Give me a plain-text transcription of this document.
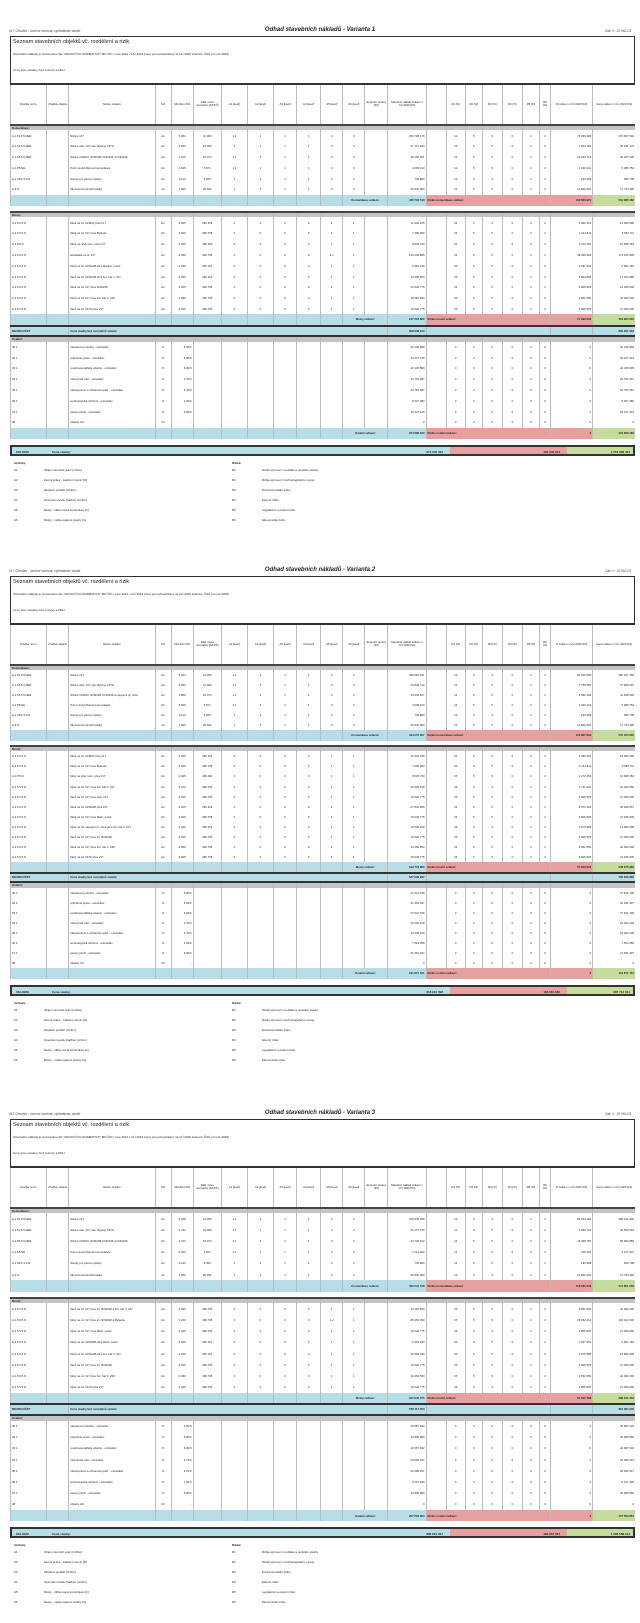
I/17 Chrudim - úsvemí obchvat, vyhledávací studie	Odhad stavebních nákladů - Varianta 1	Zak. č.: 20 062-03
Seznam stavebních objektů vč. rozdělení a rizik
Orientační náklady je zpracováno dle "CENOVÝCH NORMATIVŮ" MD ČR v roce 2021 v CÚ 2019 (ceny jsou přepočítány na CÚ 2020 indexem ČSÚ pro rok 2020)
Ceny jsou uvedeny bez rezervy a DPH
Značka norm.	Značka objektu	Název objektu	MJ	Množství MJ	Zákl. cena normativu [Kč/KČ]	A1 [koef]	A2 [koef]	A3 [koef]	A4 [koef]	A5 [koef]	A6 [koef]	Expertní úpravy [Kč]	Stavební náklad celkem v CÚ 2020 [Kč]		R1 [%]	R2 [%]	R3 [%]	R4 [%]	R5 [%]	R6 [%]	R celkem v CÚ 2020 [Kč]	Cena celkem v CÚ 2020 [Kč]
Komunikace:																						
A.1.51.3.5.NER		Silnice I/17	km	5,061	41 480	1,2	1	1	1	0	0		250 728 176		12	5	5	0	2	2	76 369 326	370 097 502
A.1.51.5.5.NER		Silnice stáv. I/17 nap. Bylany, I/37H	km	0,654	41 480	1	1	1	1	0	0		27 127 920		12	5	5	0	2	2	7 053 259	34 181 179
A.1.53.6.5.NER		Silnice III/3403; III/32238; III/32236 a III/32239	km	2,215	16 074	1,1	1	1	1	0	0		39 164 301		12	5	5	0	2	2	10 182 718	49 347 020
A.1.P5.NE		Polní cesty/Účelové komunikace	km	0,635	5 871	1,1	1	1	1	0	0		4 036 313		12	5	5	0	2	2	1 049 441	5 085 754
A.1.SPC.3.0.N		Stezky pro pěší a cyklisty	km	0,113	6 600	1	1	1	1	0	0		745 800		12	5	5	0	2	2	193 908	939 708
A.4.N		Mimoúrovňová křižovatka	ks	1,000	56 932	1	1	1	1	0	0		56 932 000		12	5	5	0	2	2	14 802 320	71 734 320
											Komunikace celkem:		425 734 510	Riziko komunikace celkem:							109 650 972	531 385 482

Mosty:																						
A.2.5.6.5.N		Most na sil. III/3403 přes I/17	km	0,045	265 161	0	0	0	0	1	1		11 932 245		15	5	5	0	2	2	3 460 351	15 392 596
A.2.5.5.5.N		Most na sil. I/17 přes Bylanku	km	0,020	369 795	0	0	0	0	1	1		7 395 900		15	5	5	0	2	2	2 144 811	9 540 711
A.2.P.5.N		Most na účel. kom. přes I/17	km	0,045	189 460	0	0	0	0	1	1		8 525 700		15	5	5	0	2	2	2 472 453	10 998 153
A.2.5.5.5.N		Estakáda na sil. I/17	km	0,330	369 795	0	0	0	0	1,1	1		134 235 585		15	5	5	0	2	2	38 928 320	173 163 905
A.2.5.6.5.N		Most na sil. III/32238 přes Markov. potok	km	0,020	265 161	0	0	0	0	1	1		5 303 220		15	5	5	0	2	2	1 537 934	6 841 154
A.2.5.6.5.N		Most na sil. III/32238 přes žel. trať č. 017	km	0,050	265 161	0	0	0	0	1	1		13 258 050		15	5	5	0	2	2	3 844 835	17 102 885
A.2.5.5.5.N		Most na sil. I/17 přes III/32236	km	0,045	369 795	0	0	0	0	1	1		16 640 775		15	5	5	0	2	2	4 825 825	21 466 600
A.2.5.5.5.N		Most na sil. I/17 přes žel. trať č. 238	km	0,090	369 795	0	0	0	0	1	1		33 281 550		15	5	5	0	2	2	9 651 650	42 933 200
A.2.5.5.5.N		Most na sil. I/37H přes I/17	km	0,045	369 795	0	0	0	0	1	1		16 640 775		15	5	5	0	2	2	4 825 825	21 466 600
											Mosty celkem:		247 213 800	Riziko mostů celkem:							71 692 003	318 905 803
MEZISOUČET		Cena stavby bez normativů ostatní											668 948 310									850 291 284
Ostatní:																						
00.1		všeobecné položky - extravilán	%	6,00%									40 136 899		0	0	0	0	0	0	0	40 136 899
02.1		přípravné práce - extravilán	%	5,00%									33 447 415		0	0	0	0	0	0	0	33 447 415
03.1		vodohospodářské objekty - extravilán	%	6,00%									40 136 899		0	0	0	0	0	0	0	40 136 899
04.1		inženýrské sítě - extravilán	%	3,70%									24 751 087		0	0	0	0	0	0	0	24 751 087
05.1		zabezpečení a ochranná opatř. - extravilán	%	3,70%									24 751 087		0	0	0	0	0	0	0	24 751 087
06.1		technologická zařízení - extravilán	%	1,20%									8 027 380		0	0	0	0	0	0	0	8 027 380
07.1		úpravy ploch - extravilán	%	5,00%									33 447 415		0	0	0	0	0	0	0	33 447 415
08		objekty cizí	Kč	-									0		0	0	0	0	0	0	0	0
											Ostatní celkem:		204 698 183	Riziko ostatní celkem:							0	204 698 183
CELKEM	Cena stavby:	873 646 492	181 342 974	1 054 989 467
Atributy:
A1	Objem zemních prací [m³/km]
A2	Zemní práce - založení zemin [%]
A3	Zlepšení podloží [m³/km]
A4	Opevnění svahu zlaďbou [m²/km]
A5	Mosty - šířka nosné konstrukce [m]
A6	Mosty - výška opatení stavby [m]
Rizika:
R1	Riziko plynoucí z počátku a umístění stavby
R2	Riziko plynoucí z technologického vývoje
R3	Environmentální riziko
R4	Externí riziko
R5	Legislativní a právní riziko
R6	Ekonomické riziko
I/17 Chrudim - úsvemí obchvat, vyhledávací studie	Odhad stavebních nákladů - Varianta 2	Zak. č.: 20 062-03
Seznam stavebních objektů vč. rozdělení a rizik
Orientační náklady je zpracováno dle "CENOVÝCH NORMATIVŮ" MD ČR v roce 2021 v CÚ 2019 (ceny jsou přepočítány na CÚ 2020 indexem ČSÚ pro rok 2020)
Ceny jsou uvedeny bez rezervy a DPH
Značka norm.	Značka objektu	Název objektu	MJ	Množství MJ	Zákl. cena normativu [Kč/KČ]	A1 [koef]	A2 [koef]	A3 [koef]	A4 [koef]	A5 [koef]	A6 [koef]	Expertní úpravy [Kč]	Stavební náklad celkem v CÚ 2020 [Kč]		R1 [%]	R2 [%]	R3 [%]	R4 [%]	R5 [%]	R6 [%]	R celkem v CÚ 2020 [Kč]	Cena celkem v CÚ 2020 [Kč]
Komunikace:																						
A.1.51.3.5.NER		Silnice I/17	km	6,221	41 480	1,2	1	1	1	0	0		309 650 491		12	5	5	0	2	2	80 510 689	390 167 185
A.1.51.5.5.NER		Silnice stáv. I/17 nap. Bylany, I/37H	km	0,654	41 480	1,1	1	1	1	0	0		29 840 712		12	5	5	0	2	2	7 758 585	37 599 297
A.1.53.6.5.NER		Silnice III/3403; III/32238, III/32239 a napojení př. obřa	km	1,869	16 074	1,1	1	1	1	0	0		33 040 527		12	5	5	0	2	2	8 592 100	41 628 636
A.1.P5.NE		Polní cesty/Účelové komunikace	km	0,635	5 871	1,1	1	1	1	0	0		4 036 313		12	5	5	0	2	2	1 049 441	5 085 754
A.1.SPC.3.0.N		Stezky pro pěší a cyklisty	km	0,113	6 600	1	1	1	1	0	0		745 800		12	5	5	0	2	2	193 908	939 708
A.4.N		Mimoúrovňová křižovatka	ks	1,000	56 932	1	1	1	1	0	0		56 932 000		12	5	5	0	2	2	14 802 320	71 734 320
											Komunikace celkem:		434 257 057	Riziko komunikace celkem:							112 907 843	547 164 900

Mosty:																						
A.2.5.6.5.N		Most na sil. III/3403 přes I/17	km	0,045	265 161	0	0	0	0	1	1		11 932 245		15	5	5	0	2	2	3 460 351	15 392 596
A.2.5.5.5.N		Most na sil. I/17 přes Bylanku	km	0,020	369 795	0	0	0	0	1	1		7 395 900		15	5	5	0	2	2	2 144 811	9 540 711
A.2.P.5.N		Most na účel. kom. přes I/17	km	0,045	189 460	0	0	0	0	1	1		8 525 700		15	5	5	0	2	2	2 472 453	10 998 153
A.2.5.5.5.N		Most na sil. I/17 přes žel. trať č. 017	km	0,072	369 795	0	0	0	0	1	1		26 625 240		15	5	5	0	2	2	7 721 320	34 346 560
A.2.5.5.5.N		Most na sil. I/17 přes stáv. I/17	km	0,045	369 795	0	0	0	0	1	1		16 640 775		15	5	5	0	2	2	4 825 825	21 466 600
A.2.5.6.5.N		Most na sil. III/32238 přes I/17	km	0,105	265 161	0	0	0	0	1	1		27 841 905		15	5	5	0	2	2	8 074 152	35 916 057
A.2.5.5.5.N		Most na sil. I/17 přes Mark. potok	km	0,045	369 795	0	0	0	0	1	1		16 640 775		15	5	5	0	2	2	4 825 825	21 466 600
A.2.5.6.5.N		Most na sil. napojení pr. obra přes žel. trať č. 017	km	0,040	265 161	0	0	0	0	1	1		10 606 440		15	5	5	0	2	2	3 075 868	13 682 308
A.2.5.5.5.N		Most na sil. I/17 přes sil. III/32236	km	0,045	369 795	0	0	0	0	1	1		16 640 775		15	5	5	0	2	2	4 825 825	21 466 600
A.2.5.5.5.N		Most na sil. I/17 přes žel. trať č. 238	km	0,090	369 795	0	0	0	0	1	1		33 281 550		15	5	5	0	2	2	9 651 650	42 933 200
A.2.5.5.5.N		Most na sil. I/37H přes I/17	km	0,045	369 795	0	0	0	0	1	1		16 640 775		15	5	5	0	2	2	4 825 825	21 466 600
											Mosty celkem:		192 772 080	Riziko mostů celkem:							55 903 903	248 675 983
MEZISOUČET		Cena stavby bez normativů ostatní											627 029 937									795 840 883
Ostatní:																						
00.1		všeobecné položky - extravilán	%	6,00%									37 621 796		0	0	0	0	0	0	0	37 621 796
02.1		přípravné práce - extravilán	%	5,00%									31 351 497		0	0	0	0	0	0	0	31 351 497
03.1		vodohospodářské objekty - extravilán	%	6,00%									37 621 796		0	0	0	0	0	0	0	37 621 796
04.1		inženýrské sítě - extravilán	%	3,70%									23 200 109		0	0	0	0	0	0	0	23 200 109
05.1		zabezpečení a ochranná opatř. - extravilán	%	3,70%									23 200 109		0	0	0	0	0	0	0	23 200 109
06.1		technologická zařízení - extravilán	%	1,20%									7 524 359		0	0	0	0	0	0	0	7 524 359
07.1		úpravy ploch - extravilán	%	5,00%									31 351 497		0	0	0	0	0	0	0	31 351 497
08		objekty cizí	Kč	-									0		0	0	0	0	0	0	0	0
											Ostatní celkem:		191 871 161	Riziko ostatní celkem:							0	191 871 161
CELKEM	Cena stavby:	818 901 098	168 810 946	987 712 044
Atributy:
A1	Objem zemních prací [m³/km]
A2	Zemní práce - založení zemin [%]
A3	Zlepšení podloží [m³/km]
A4	Opevnění svahu zlaďbou [m²/km]
A5	Mosty - šířka nosné konstrukce [m]
A6	Mosty - výška opatení stavby [m]
Rizika:
R1	Riziko plynoucí z počátku a umístění stavby
R2	Riziko plynoucí z technologického vývoje
R3	Environmentální riziko
R4	Externí riziko
R5	Legislativní a právní riziko
R6	Ekonomické riziko
I/17 Chrudim - úsvemí obchvat, vyhledávací studie	Odhad stavebních nákladů - Varianta 3	Zak. č.: 20 062-03
Seznam stavebních objektů vč. rozdělení a rizik
Orientační náklady je zpracováno dle "CENOVÝCH NORMATIVŮ" MD ČR v roce 2021 v CÚ 2019 (ceny jsou přepočítány na CÚ 2020 indexem ČSÚ pro rok 2020)
Ceny jsou uvedeny bez rezervy a DPH
Značka norm.	Značka objektu	Název objektu	MJ	Množství MJ	Zákl. cena normativu [Kč/KČ]	A1 [koef]	A2 [koef]	A3 [koef]	A4 [koef]	A5 [koef]	A6 [koef]	Expertní úpravy [Kč]	Stavební náklad celkem v CÚ 2020 [Kč]		R1 [%]	R2 [%]	R3 [%]	R4 [%]	R5 [%]	R6 [%]	R celkem v CÚ 2020 [Kč]	Cena celkem v CÚ 2020 [Kč]
Komunikace:																						
A.1.51.3.5.NER		Silnice I/17	km	6,348	41 480	1,2	1	1	1	0	0		315 978 048		12	5	5	0	2	2	82 154 292	398 132 340
A.1.51.5.5.NER		Silnice stáv. I/17 nap. Bylany, I/37H	km	0,792	41 480	1,1	1	1	1	0	0		36 137 376		12	5	5	0	2	2	9 395 718	45 533 094
A.1.53.6.5.NER		Silnice III/3403; III/32238; III/32236 a III/32239	km	2,473	16 074	1,1	1	1	1	0	0		43 726 102		12	5	5	0	2	2	11 368 787	55 094 889
A.1.P5.NE		Polní cesty/Účelové komunikace	km	0,420	5 871	1,1	1	1	1	0	0		2 712 402		12	5	5	0	2	2	705 225	3 417 627
A.1.SPC.3.0.N		Stezky pro pěší a cyklisty	km	0,113	6 600	1	1	1	1	0	0		745 800		12	5	5	0	2	2	193 908	939 708
A.4.N		Mimoúrovňová křižovatka	ks	1,000	56 932	1	1	1	1	0	0		56 932 000		12	5	5	0	2	2	14 802 320	71 734 320
											Komunikace celkem:		456 231 728	Riziko komunikace celkem:							118 620 249	574 851 978

Mosty:																						
A.2.5.5.5.N		Most na sil. I/17 přes sil. III/32240 a žel. trať č. 017	km	0,090	369 795	0	0	0	0	1	1		33 281 550		15	5	5	0	2	2	9 651 650	42 933 200
A.2.5.5.5.N		Most na sil. I/17 přes sil. III/33202 a Bylanku	km	0,220	369 795	0	0	0	0	1,2	1		89 450 390		15	5	5	0	2	2	25 952 213	115 442 603
A.2.5.5.5.N		Most na sil. I/17 přes Mark. potok	km	0,045	369 795	0	0	0	0	1	1		16 640 775		15	5	5	0	2	2	4 825 825	21 466 600
A.2.5.6.5.N		Most na sil. III/32238 přes Mark. potok	km	0,020	265 161	0	0	0	0	1	1		5 303 220		15	5	5	0	2	2	1 537 934	6 841 154
A.2.5.6.5.N		Most na sil. III/32238 přes žel. trať č. 017	km	0,040	265 161	0	0	0	0	1	1		10 606 440		15	5	5	0	2	2	3 075 868	13 682 308
A.2.5.5.5.N		Most na sil. I/17 přes sil. III/32236	km	0,045	369 795	0	0	0	0	1	1		16 640 775		15	5	5	0	2	2	4 825 825	21 466 600
A.2.5.5.5.N		Most na sil. I/17 přes žel. trať č. 238	km	0,090	369 795	0	0	0	0	1	1		33 281 550		15	5	5	0	2	2	9 651 650	42 933 200
A.2.5.5.5.N		Most na sil. I/37H přes I/17	km	0,045	369 795	0	0	0	0	1	1		16 640 775		15	5	5	0	2	2	4 825 825	21 466 600
											Mosty celkem:		221 845 475	Riziko mostů celkem:							64 345 788	286 191 263
MEZISOUČET		Cena stavby bez normativů ostatní											678 117 203									861 084 240
Ostatní:																						
00.1		všeobecné položky - extravilán	%	6,00%									40 687 032		0	0	0	0	0	0	0	40 687 032
02.1		přípravné práce - extravilán	%	5,00%									33 905 860		0	0	0	0	0	0	0	33 905 860
03.1		vodohospodářské objekty - extravilán	%	6,00%									40 687 032		0	0	0	0	0	0	0	40 687 032
04.1		inženýrské sítě - extravilán	%	3,70%									25 090 337		0	0	0	0	0	0	0	25 090 337
05.1		zabezpečení a ochranná opatř. - extravilán	%	3,70%									25 090 337		0	0	0	0	0	0	0	25 090 337
06.1		technologická zařízení - extravilán	%	1,20%									8 137 406		0	0	0	0	0	0	0	8 137 406
07.1		úpravy ploch - extravilán	%	5,00%									33 905 860		0	0	0	0	0	0	0	33 905 860
08		objekty cizí	Kč	-									0		0	0	0	0	0	0	0	0
											Ostatní celkem:		207 503 864	Riziko ostatní celkem:							0	207 503 864
CELKEM	Cena stavby:	885 621 067	182 967 037	1 068 588 104
Atributy:
A1	Objem zemních prací [m³/km]
A2	Zemní práce - založení zemin [%]
A3	Zlepšení podloží [m³/km]
A4	Opevnění svahu zlaďbou [m²/km]
A5	Mosty - šířka nosné konstrukce [m]
A6	Mosty - výška opatení stavby [m]
Rizika:
R1	Riziko plynoucí z počátku a umístění stavby
R2	Riziko plynoucí z technologického vývoje
R3	Environmentální riziko
R4	Externí riziko
R5	Legislativní a právní riziko
R6	Ekonomické riziko
